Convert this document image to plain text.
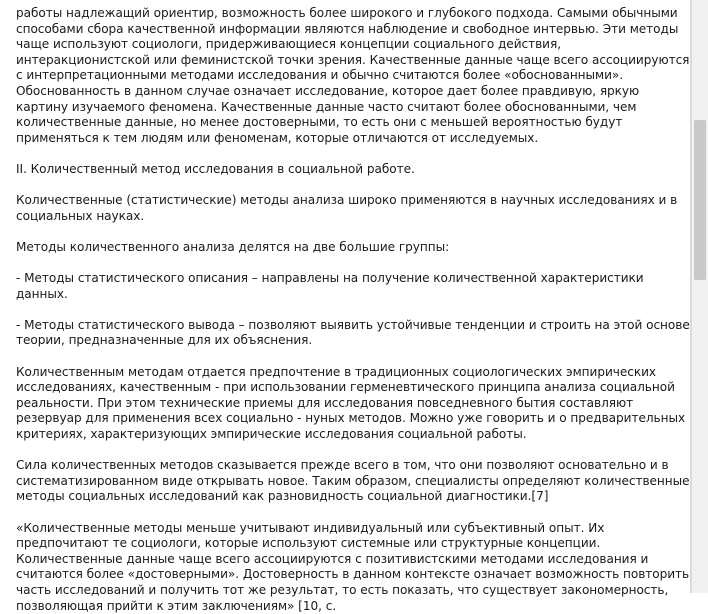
работы надлежащий ориентир, возможность более широкого и глубокого подхода. Самыми обычными способами сбора качественной информации являются наблюдение и свободное интервью. Эти методы чаще используют социологи, придерживающиеся концепции социального действия, интеракционистской или феминистской точки зрения. Качественные данные чаще всего ассоциируются с интерпретационными методами исследования и обычно считаются более «обоснованными». Обоснованность в данном случае означает исследование, которое дает более правдивую, яркую картину изучаемого феномена. Качественные данные часто считают более обоснованными, чем количественные данные, но менее достоверными, то есть они с меньшей вероятностью будут применяться к тем людям или феноменам, которые отличаются от исследуемых.

II. Количественный метод исследования в социальной работе.

Количественные (статистические) методы анализа широко применяются в научных исследованиях и в социальных науках.

Методы количественного анализа делятся на две большие группы:

- Методы статистического описания – направлены на получение количественной характеристики данных.

- Методы статистического вывода – позволяют выявить устойчивые тенденции и строить на этой основе теории, предназначенные для их объяснения.

Количественным методам отдается предпочтение в традиционных социологических эмпирических исследованиях, качественным - при использовании герменевтического принципа анализа социальной реальности. При этом технические приемы для исследования повседневного бытия составляют резервуар для применения всех социально - нуных методов. Можно уже говорить и о предварительных критериях, характеризующих эмпирические исследования социальной работы.

Сила количественных методов сказывается прежде всего в том, что они позволяют основательно и в систематизированном виде открывать новое. Таким образом, специалисты определяют количественные методы социальных исследований как разновидность социальной диагностики.[7]

«Количественные методы меньше учитывают индивидуальный или субъективный опыт. Их предпочитают те социологи, которые используют системные или структурные концепции. Количественные данные чаще всего ассоциируются с позитивистскими методами исследования и считаются более «достоверными». Достоверность в данном контексте означает возможность повторить часть исследований и получить тот же результат, то есть показать, что существует закономерность, позволяющая прийти к этим заключениям» [10, с.
